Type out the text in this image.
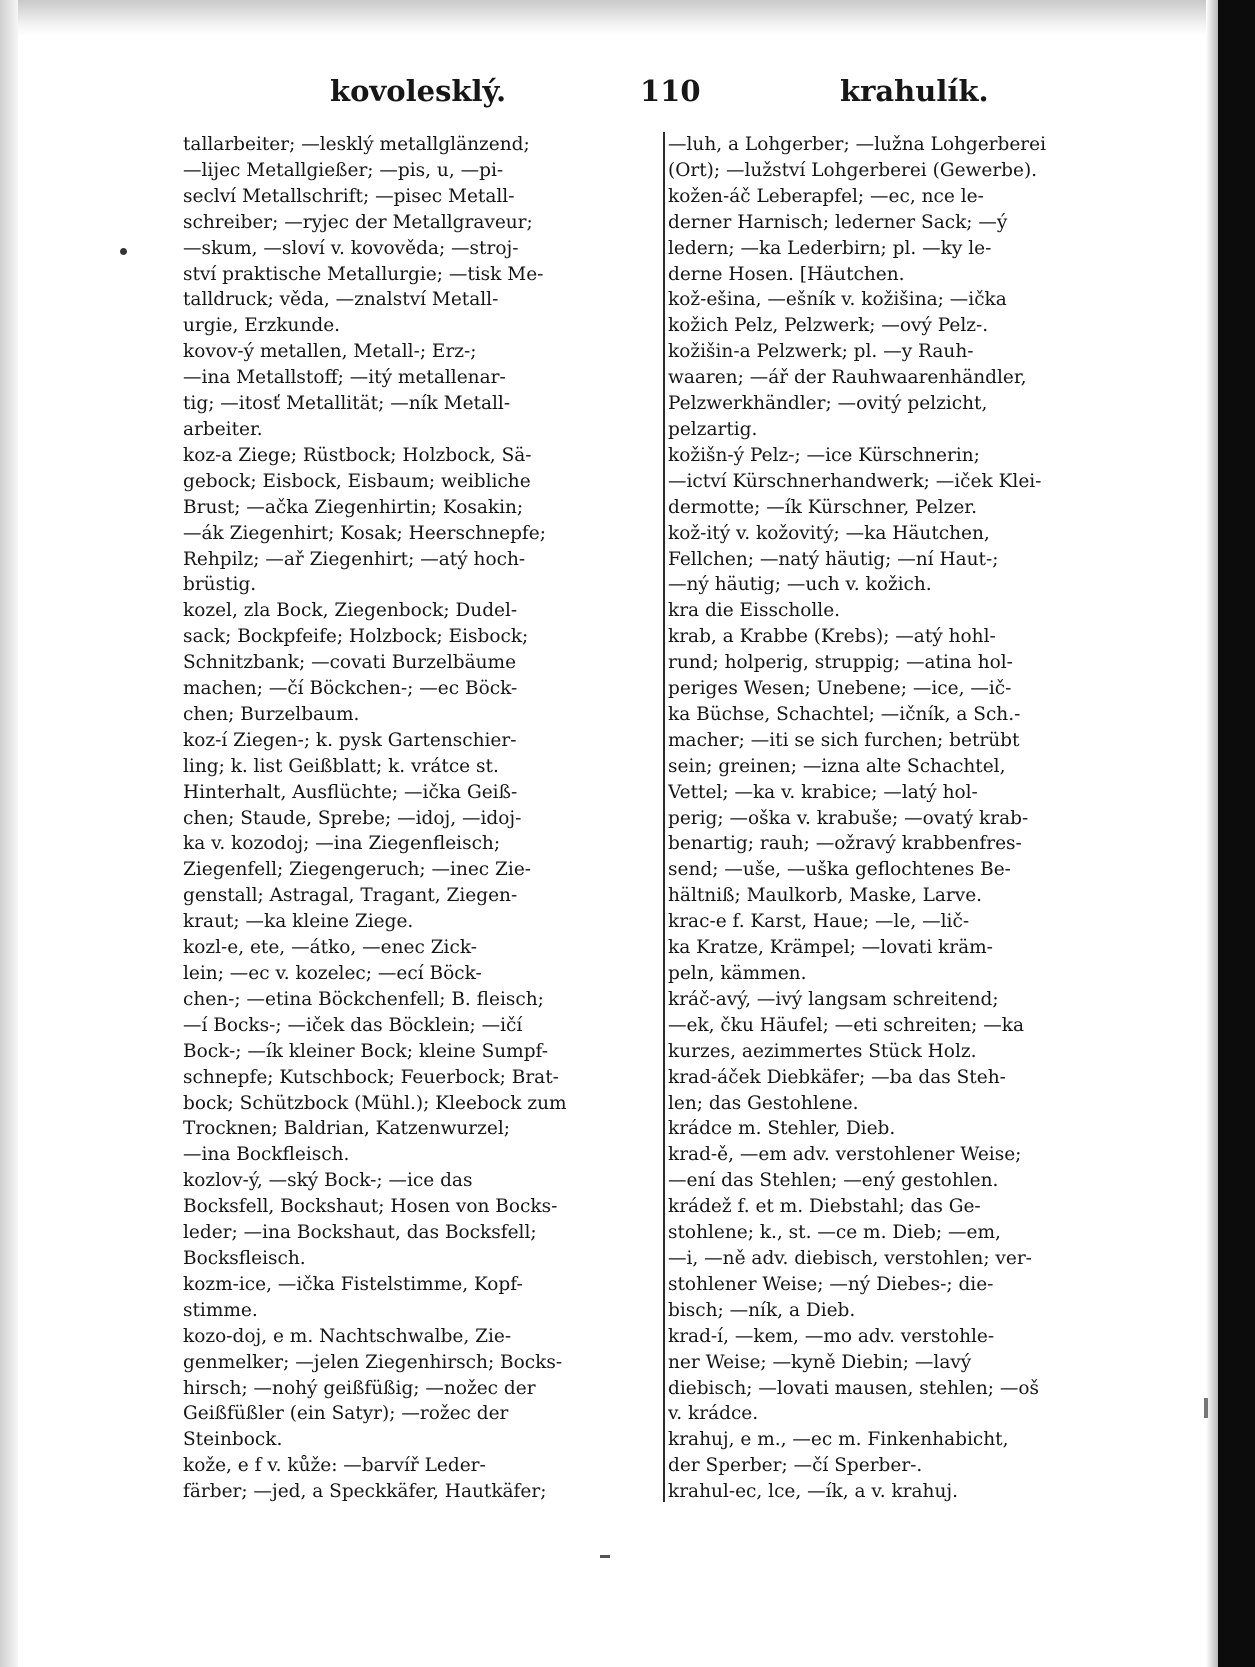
kovolesklý.	110	krahulík.
tallarbeiter; —lesklý metallglänzend;
—lijec Metallgießer; —pis, u, —pi-
seclví Metallschrift; —pisec Metall-
schreiber; —ryjec der Metallgraveur;
—skum, —sloví v. kovověda; —stroj-
ství praktische Metallurgie; —tisk Me-
talldruck; věda, —znalství Metall-
urgie, Erzkunde.
kovov-ý metallen, Metall-; Erz-;
—ina Metallstoff; —itý metallenar-
tig; —itosť Metallität; —ník Metall-
arbeiter.
koz-a Ziege; Rüstbock; Holzbock, Sä-
gebock; Eisbock, Eisbaum; weibliche
Brust; —ačka Ziegenhirtin; Kosakin;
—ák Ziegenhirt; Kosak; Heerschnepfe;
Rehpilz; —ař Ziegenhirt; —atý hoch-
brüstig.
kozel, zla Bock, Ziegenbock; Dudel-
sack; Bockpfeife; Holzbock; Eisbock;
Schnitzbank; —covati Burzelbäume
machen; —čí Böckchen-; —ec Böck-
chen; Burzelbaum.
koz-í Ziegen-; k. pysk Gartenschier-
ling; k. list Geißblatt; k. vrátce st.
Hinterhalt, Ausflüchte; —ička Geiß-
chen; Staude, Sprebe; —idoj, —idoj-
ka v. kozodoj; —ina Ziegenfleisch;
Ziegenfell; Ziegengeruch; —inec Zie-
genstall; Astragal, Tragant, Ziegen-
kraut; —ka kleine Ziege.
kozl-e, ete, —átko, —enec Zick-
lein; —ec v. kozelec; —ecí Böck-
chen-; —etina Böckchenfell; B. fleisch;
—í Bocks-; —iček das Böcklein; —ičí
Bock-; —ík kleiner Bock; kleine Sumpf-
schnepfe; Kutschbock; Feuerbock; Brat-
bock; Schützbock (Mühl.); Kleebock zum
Trocknen; Baldrian, Katzenwurzel;
—ina Bockfleisch.
kozlov-ý, —ský Bock-; —ice das
Bocksfell, Bockshaut; Hosen von Bocks-
leder; —ina Bockshaut, das Bocksfell;
Bocksfleisch.
kozm-ice, —ička Fistelstimme, Kopf-
stimme.
kozo-doj, e m. Nachtschwalbe, Zie-
genmelker; —jelen Ziegenhirsch; Bocks-
hirsch; —nohý geißfüßig; —nožec der
Geißfüßler (ein Satyr); —rožec der
Steinbock.
kože, e f v. kůže: —barvíř Leder-
färber; —jed, a Speckkäfer, Hautkäfer;
—luh, a Lohgerber; —lužna Lohgerberei
(Ort); —lužství Lohgerberei (Gewerbe).
kožen-áč Leberapfel; —ec, nce le-
derner Harnisch; lederner Sack; —ý
ledern; —ka Lederbirn; pl. —ky le-
derne Hosen. [Häutchen.
kož-ešina, —ešník v. kožišina; —ička
kožich Pelz, Pelzwerk; —ový Pelz-.
kožišin-a Pelzwerk; pl. —y Rauh-
waaren; —ář der Rauhwaarenhändler,
Pelzwerkhändler; —ovitý pelzicht,
pelzartig.
kožišn-ý Pelz-; —ice Kürschnerin;
—ictví Kürschnerhandwerk; —iček Klei-
dermotte; —ík Kürschner, Pelzer.
kož-itý v. kožovitý; —ka Häutchen,
Fellchen; —natý häutig; —ní Haut-;
—ný häutig; —uch v. kožich.
kra die Eisscholle.
krab, a Krabbe (Krebs); —atý hohl-
rund; holperig, struppig; —atina hol-
periges Wesen; Unebene; —ice, —ič-
ka Büchse, Schachtel; —ičník, a Sch.-
macher; —iti se sich furchen; betrübt
sein; greinen; —izna alte Schachtel,
Vettel; —ka v. krabice; —latý hol-
perig; —oška v. krabuše; —ovatý krab-
benartig; rauh; —ožravý krabbenfres-
send; —uše, —uška geflochtenes Be-
hältniß; Maulkorb, Maske, Larve.
krac-e f. Karst, Haue; —le, —lič-
ka Kratze, Krämpel; —lovati kräm-
peln, kämmen.
kráč-avý, —ivý langsam schreitend;
—ek, čku Häufel; —eti schreiten; —ka
kurzes, aezimmertes Stück Holz.
krad-áček Diebkäfer; —ba das Steh-
len; das Gestohlene.
krádce m. Stehler, Dieb.
krad-ě, —em adv. verstohlener Weise;
—ení das Stehlen; —ený gestohlen.
krádež f. et m. Diebstahl; das Ge-
stohlene; k., st. —ce m. Dieb; —em,
—i, —ně adv. diebisch, verstohlen; ver-
stohlener Weise; —ný Diebes-; die-
bisch; —ník, a Dieb.
krad-í, —kem, —mo adv. verstohle-
ner Weise; —kyně Diebin; —lavý
diebisch; —lovati mausen, stehlen; —oš
v. krádce.
krahuj, e m., —ec m. Finkenhabicht,
der Sperber; —čí Sperber-.
krahul-ec, lce, —ík, a v. krahuj.
